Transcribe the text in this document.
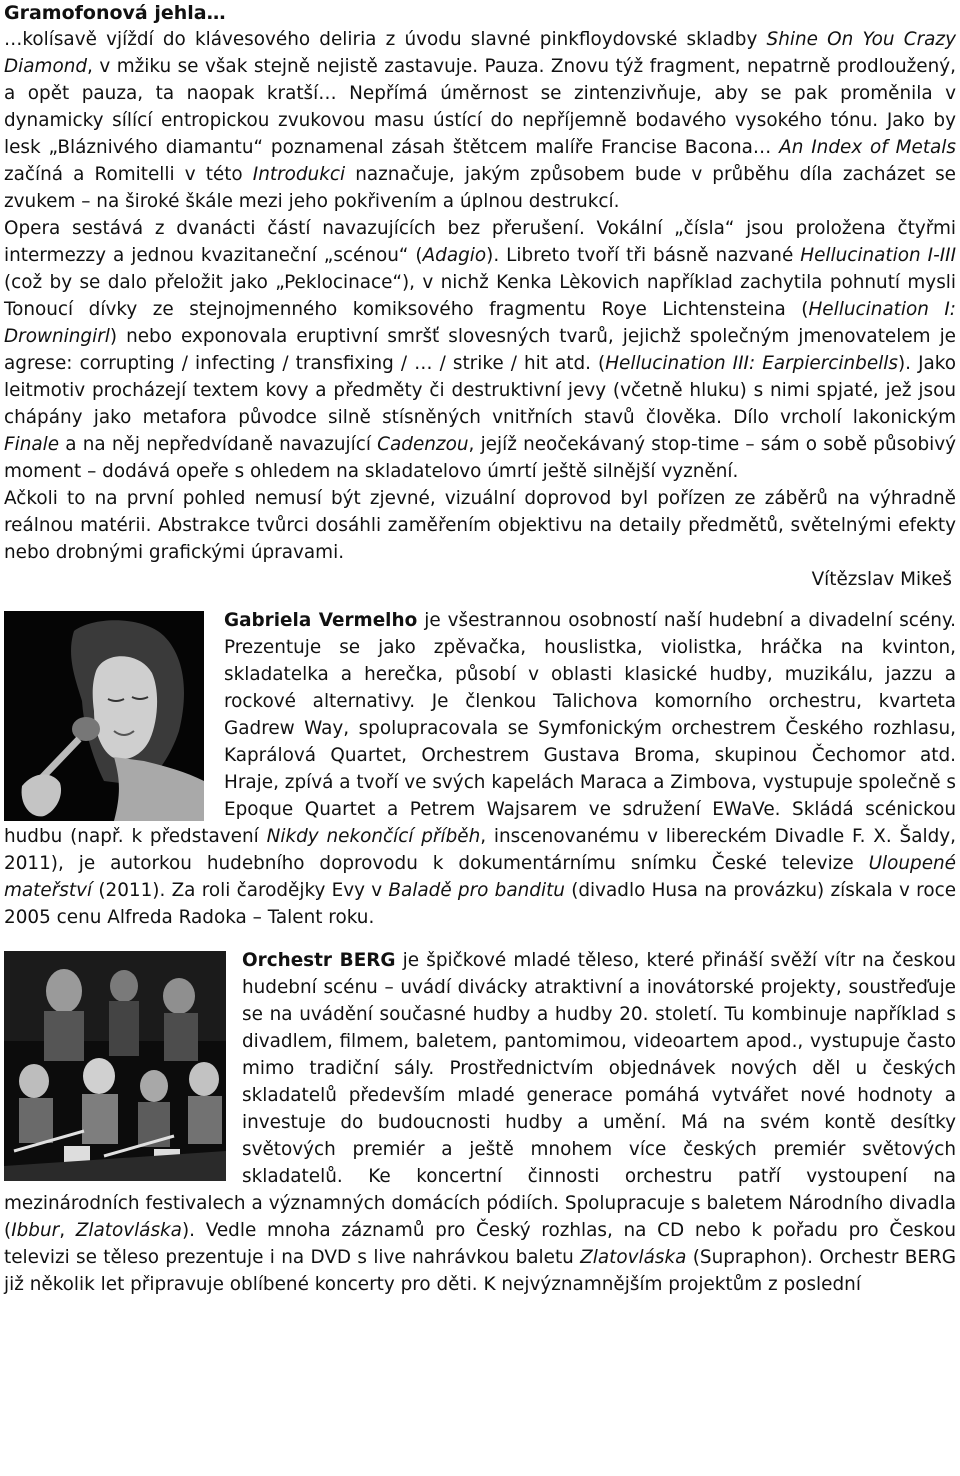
Gramofonová jehla…

…kolísavě vjíždí do klávesového deliria z úvodu slavné pinkfloydovské skladby Shine On You Crazy Diamond, v mžiku se však stejně nejistě zastavuje. Pauza. Znovu týž fragment, nepatrně prodloužený, a opět pauza, ta naopak kratší… Nepřímá úměrnost se zintenzivňuje, aby se pak proměnila v dynamicky sílící entropickou zvukovou masu ústící do nepříjemně bodavého vysokého tónu. Jako by lesk „Bláznivého diamantu“ poznamenal zásah štětcem malíře Francise Bacona… An Index of Metals začíná a Romitelli v této Introdukci naznačuje, jakým způsobem bude v průběhu díla zacházet se zvukem – na široké škále mezi jeho pokřivením a úplnou destrukcí.

Opera sestává z dvanácti částí navazujících bez přerušení. Vokální „čísla“ jsou proložena čtyřmi intermezzy a jednou kvazitaneční „scénou“ (Adagio). Libreto tvoří tři básně nazvané Hellucination I-III (což by se dalo přeložit jako „Peklocinace“), v nichž Kenka Lèkovich například zachytila pohnutí mysli Tonoucí dívky ze stejnojmenného komiksového fragmentu Roye Lichtensteina (Hellucination I: Drowningirl) nebo exponovala eruptivní smršť slovesných tvarů, jejichž společným jmenovatelem je agrese: corrupting / infecting / transfixing / … / strike / hit atd. (Hellucination III: Earpiercinbells). Jako leitmotiv procházejí textem kovy a předměty či destruktivní jevy (včetně hluku) s nimi spjaté, jež jsou chápány jako metafora původce silně stísněných vnitřních stavů člověka. Dílo vrcholí lakonickým Finale a na něj nepředvídaně navazující Cadenzou, jejíž neočekávaný stop-time – sám o sobě působivý moment – dodává opeře s ohledem na skladatelovo úmrtí ještě silnější vyznění.

Ačkoli to na první pohled nemusí být zjevné, vizuální doprovod byl pořízen ze záběrů na výhradně reálnou matérii. Abstrakce tvůrci dosáhli zaměřením objektivu na detaily předmětů, světelnými efekty nebo drobnými grafickými úpravami.

Vítězslav Mikeš

Gabriela Vermelho je všestrannou osobností naší hudební a divadelní scény. Prezentuje se jako zpěvačka, houslistka, violistka, hráčka na kvinton, skladatelka a herečka, působí v oblasti klasické hudby, muzikálu, jazzu a rockové alternativy. Je členkou Talichova komorního orchestru, kvarteta Gadrew Way, spolupracovala se Symfonickým orchestrem Českého rozhlasu, Kaprálová Quartet, Orchestrem Gustava Broma, skupinou Čechomor atd. Hraje, zpívá a tvoří ve svých kapelách Maraca a Zimbova, vystupuje společně s Epoque Quartet a Petrem Wajsarem ve sdružení EWaVe. Skládá scénickou hudbu (např. k představení Nikdy nekončící příběh, inscenovanému v libereckém Divadle F. X. Šaldy, 2011), je autorkou hudebního doprovodu k dokumentárnímu snímku České televize Uloupené mateřství (2011). Za roli čarodějky Evy v Baladě pro banditu (divadlo Husa na provázku) získala v roce 2005 cenu Alfreda Radoka – Talent roku.

Orchestr BERG je špičkové mladé těleso, které přináší svěží vítr na českou hudební scénu – uvádí divácky atraktivní a inovátorské projekty, soustřeďuje se na uvádění současné hudby a hudby 20. století. Tu kombinuje například s divadlem, filmem, baletem, pantomimou, videoartem apod., vystupuje často mimo tradiční sály. Prostřednictvím objednávek nových děl u českých skladatelů především mladé generace pomáhá vytvářet nové hodnoty a investuje do budoucnosti hudby a umění. Má na svém kontě desítky světových premiér a ještě mnohem více českých premiér světových skladatelů. Ke koncertní činnosti orchestru patří vystoupení na mezinárodních festivalech a významných domácích pódiích. Spolupracuje s baletem Národního divadla (Ibbur, Zlatovláska). Vedle mnoha záznamů pro Český rozhlas, na CD nebo k pořadu pro Českou televizi se těleso prezentuje i na DVD s live nahrávkou baletu Zlatovláska (Supraphon). Orchestr BERG již několik let připravuje oblíbené koncerty pro děti. K nejvýznamnějším projektům z poslední
